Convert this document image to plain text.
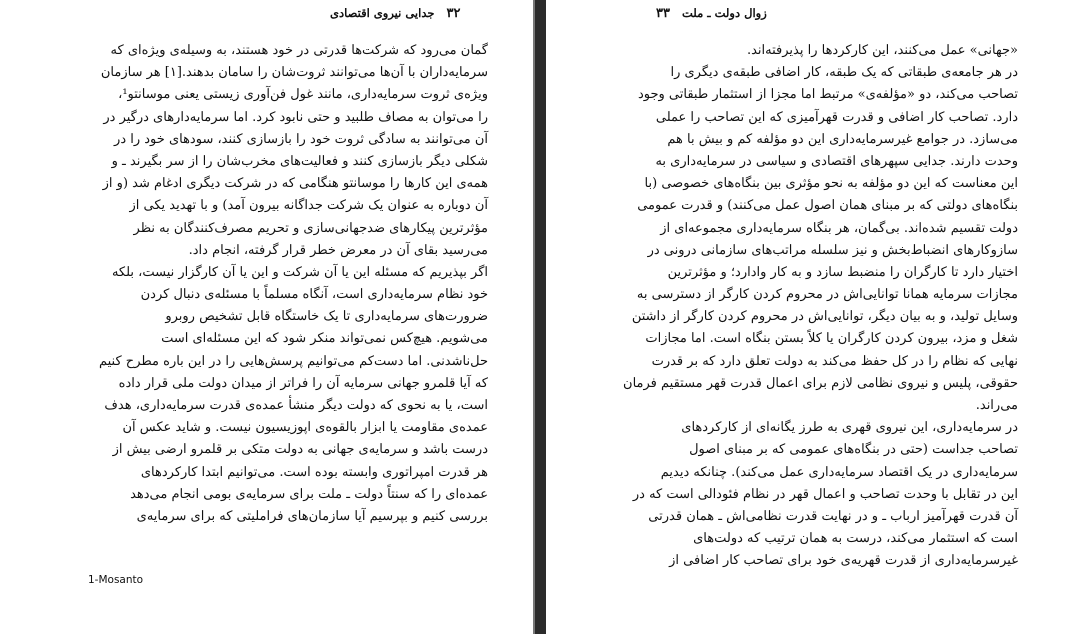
۳۲ جدایی نیروی اقتصادی
گمان می‌رود که شرکت‌ها قدرتی در خود هستند، به وسیله‌ی ویژه‌ای که
سرمایه‌داران با آن‌ها می‌توانند ثروت‌شان را سامان بدهند.[۱] هر سازمان
ویژه‌ی ثروت سرمایه‌داری، مانند غول فن‌آوری زیستی یعنی موسانتو¹،
را می‌توان به مصاف طلبید و حتی نابود کرد. اما سرمایه‌دارهای درگیر در
آن می‌توانند به سادگی ثروت خود را بازسازی کنند، سودهای خود را در
شکلی دیگر بازسازی کنند و فعالیت‌های مخرب‌شان را از سر بگیرند ـ و
همه‌ی این کارها را موسانتو هنگامی که در شرکت دیگری ادغام شد (و از
آن دوباره به عنوان یک شرکت جداگانه بیرون آمد) و با تهدید یکی از
مؤثرترین پیکارهای ضدجهانی‌سازی و تحریم مصرف‌کنندگان به نظر
می‌رسید بقای آن در معرض خطر قرار گرفته، انجام داد.
اگر بپذیریم که مسئله این یا آن شرکت و این یا آن کارگزار نیست، بلکه
خود نظام سرمایه‌داری است، آنگاه مسلماً با مسئله‌ی دنبال کردن
ضرورت‌های سرمایه‌داری تا یک خاستگاه قابل تشخیص روبرو
می‌شویم. هیچ‌کس نمی‌تواند منکر شود که این مسئله‌ای است
حل‌ناشدنی. اما دست‌کم می‌توانیم پرسش‌هایی را در این باره مطرح کنیم
که آیا قلمرو جهانی سرمایه آن را فراتر از میدان دولت ملی قرار داده
است، یا به نحوی که دولت دیگر منشأ عمده‌ی قدرت سرمایه‌داری، هدف
عمده‌ی مقاومت یا ابزار بالقوه‌ی اپوزیسیون نیست. و شاید عکس آن
درست باشد و سرمایه‌ی جهانی به دولت متکی بر قلمرو ارضی بیش از
هر قدرت امپراتوری وابسته بوده است. می‌توانیم ابتدا کارکردهای
عمده‌ای را که سنتاً دولت ـ ملت برای سرمایه‌ی بومی انجام می‌دهد
بررسی کنیم و بپرسیم آیا سازمان‌های فراملیتی که برای سرمایه‌ی
1-Mosanto
زوال دولت ـ ملت ۳۳
«جهانی» عمل می‌کنند، این کارکردها را پذیرفته‌اند.
در هر جامعه‌ی طبقاتی که یک طبقه، کار اضافی طبقه‌ی دیگری را
تصاحب می‌کند، دو «مؤلفه‌ی» مرتبط اما مجزا از استثمار طبقاتی وجود
دارد. تصاحب کار اضافی و قدرت قهرآمیزی که این تصاحب را عملی
می‌سازد. در جوامع غیرسرمایه‌داری این دو مؤلفه کم و بیش با هم
وحدت دارند. جدایی سپهرهای اقتصادی و سیاسی در سرمایه‌داری به
این معناست که این دو مؤلفه به نحو مؤثری بین بنگاه‌های خصوصی (با
بنگاه‌های دولتی که بر مبنای همان اصول عمل می‌کنند) و قدرت عمومی
دولت تقسیم شده‌اند. بی‌گمان، هر بنگاه سرمایه‌داری مجموعه‌ای از
سازوکارهای انضباط‌بخش و نیز سلسله مراتب‌های سازمانی درونی در
اختیار دارد تا کارگران را منضبط سازد و به کار وادارد؛ و مؤثرترین
مجازات سرمایه همانا توانایی‌اش در محروم کردن کارگر از دسترسی به
وسایل تولید، و به بیان دیگر، توانایی‌اش در محروم کردن کارگر از داشتن
شغل و مزد، بیرون کردن کارگران یا کلاً بستن بنگاه است. اما مجازات
نهایی که نظام را در کل حفظ می‌کند به دولت تعلق دارد که بر قدرت
حقوقی، پلیس و نیروی نظامی لازم برای اعمال قدرت قهر مستقیم فرمان
می‌راند.
در سرمایه‌داری، این نیروی قهری به طرز یگانه‌ای از کارکردهای
تصاحب جداست (حتی در بنگاه‌های عمومی که بر مبنای اصول
سرمایه‌داری در یک اقتصاد سرمایه‌داری عمل می‌کند). چنانکه دیدیم
این در تقابل با وحدت تصاحب و اعمال قهر در نظام فئودالی است که در
آن قدرت قهرآمیز ارباب ـ و در نهایت قدرت نظامی‌اش ـ همان قدرتی
است که استثمار می‌کند، درست به همان ترتیب که دولت‌های
غیرسرمایه‌داری از قدرت قهریه‌ی خود برای تصاحب کار اضافی از
